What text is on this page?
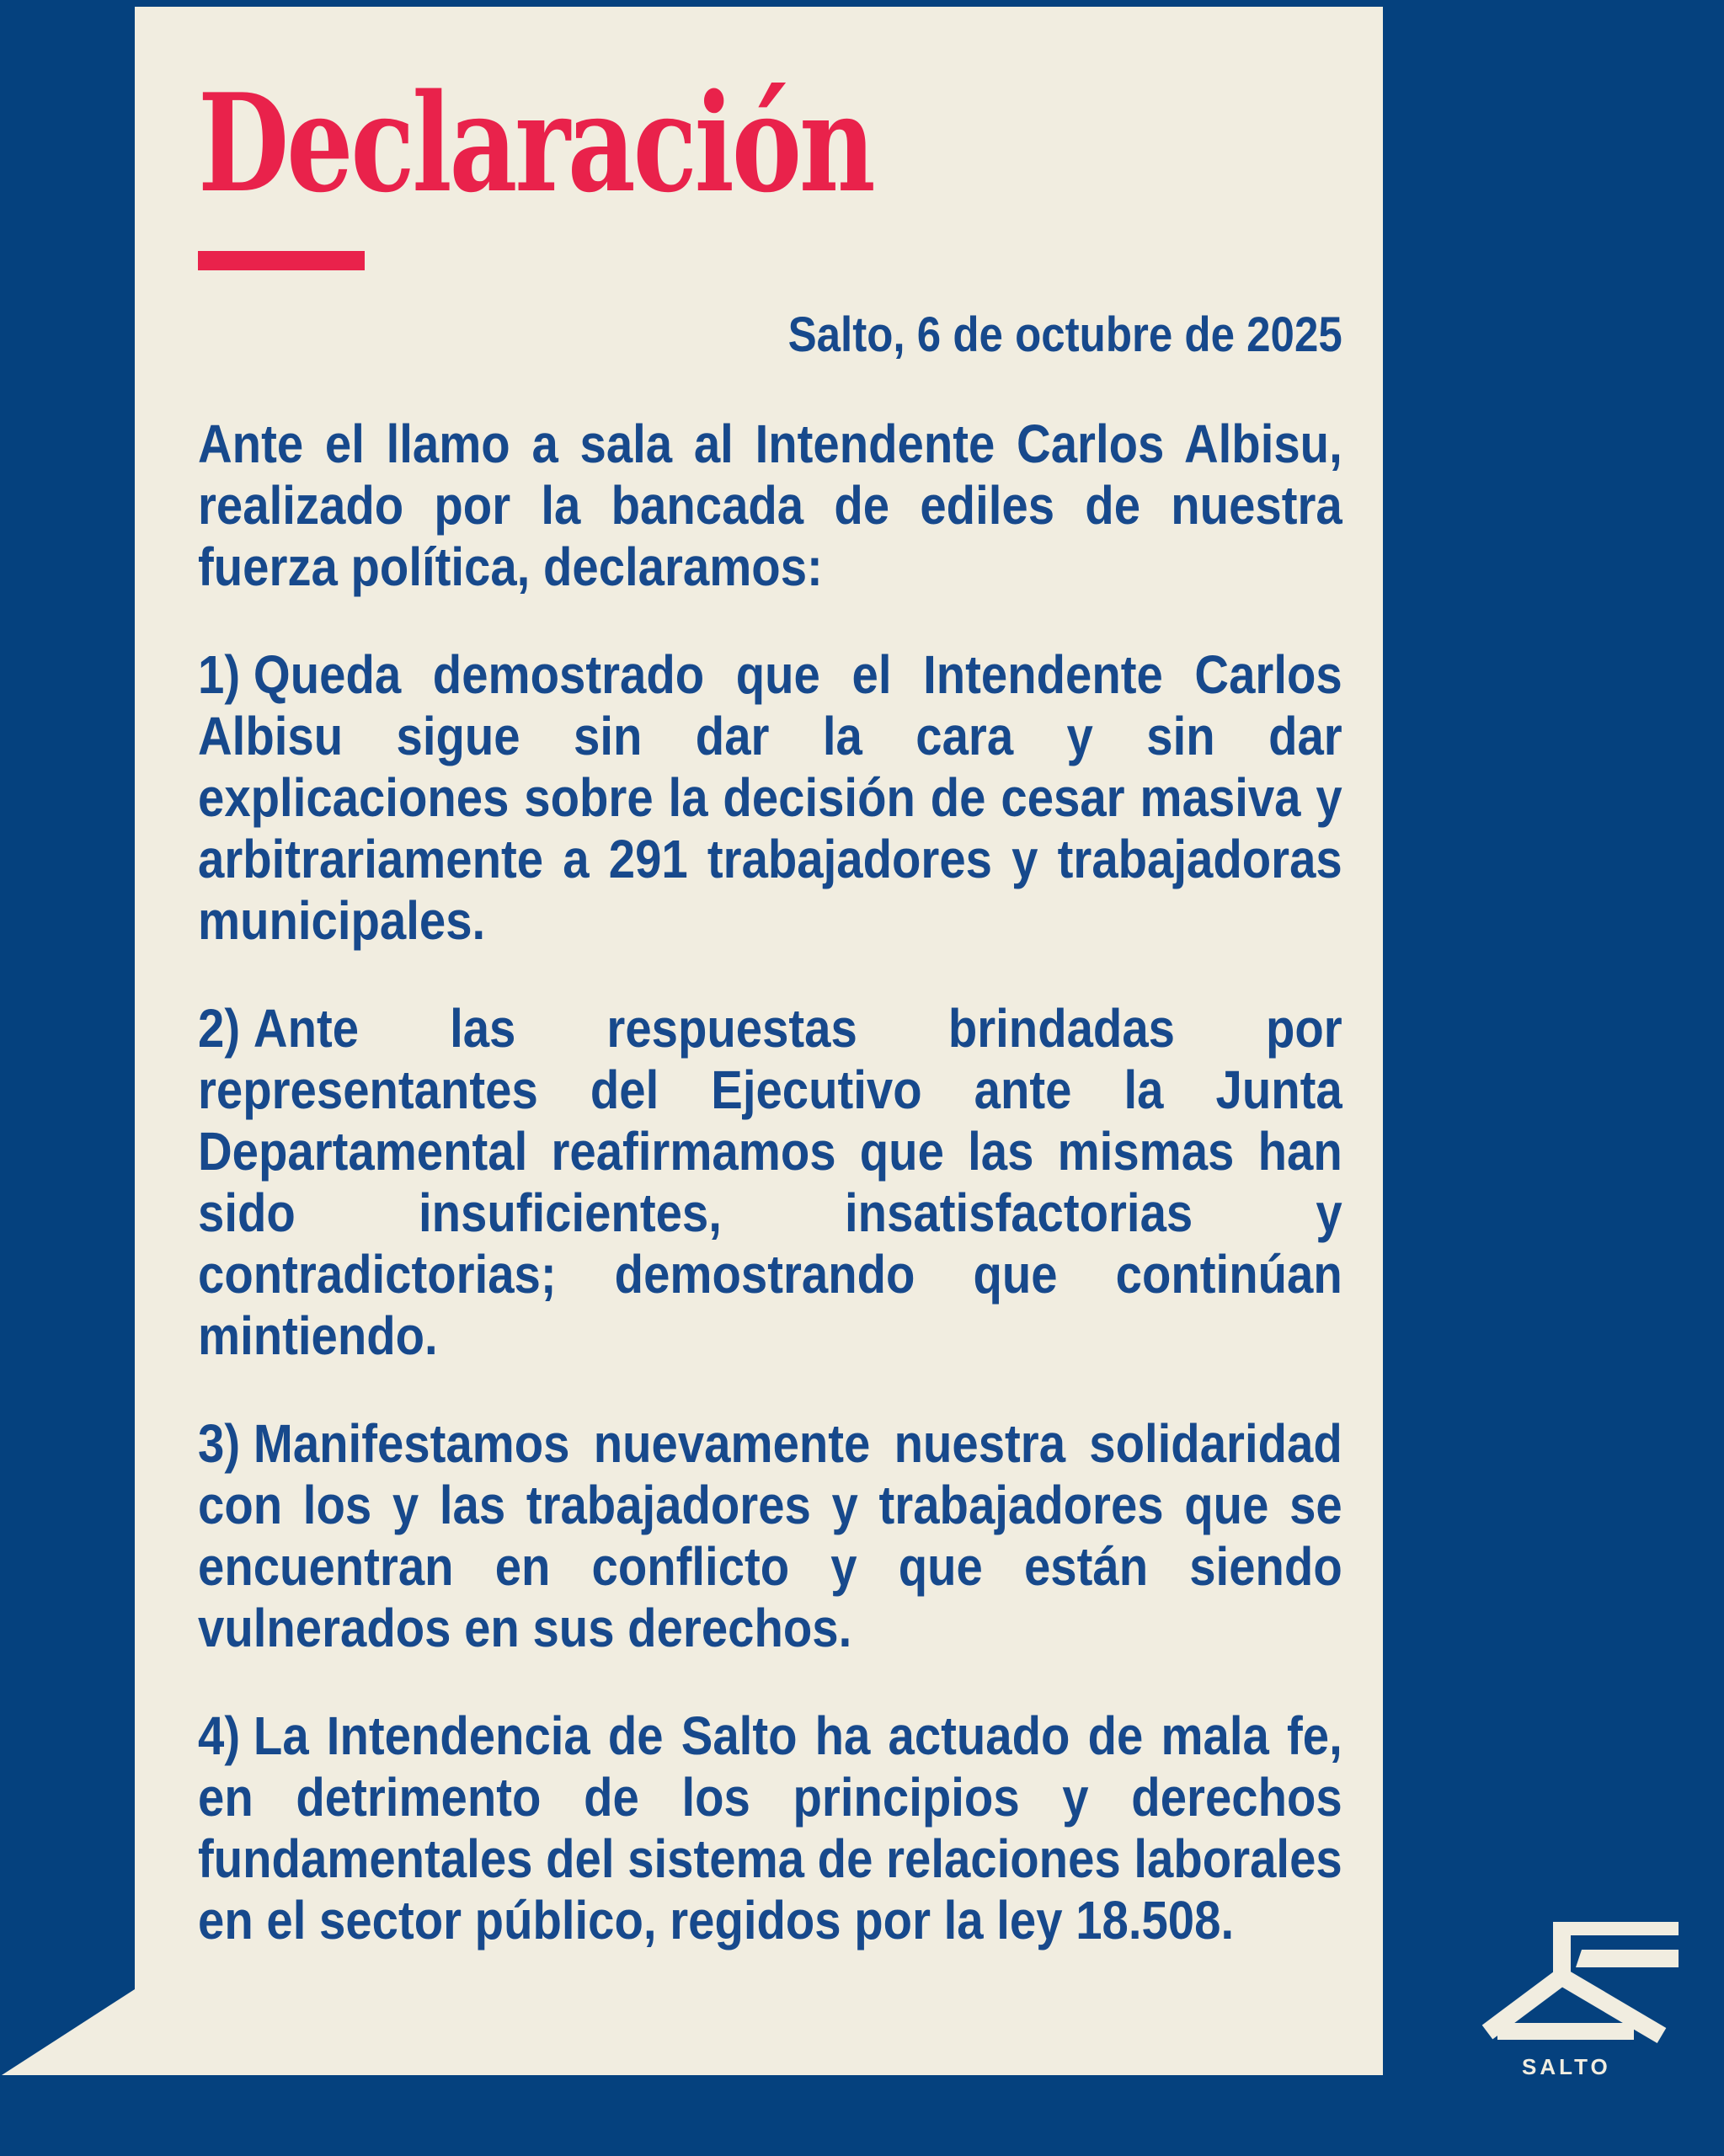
Declaración
Salto, 6 de octubre de 2025

Ante el llamo a sala al Intendente Carlos Albisu, realizado por la bancada de ediles de nuestra fuerza política, declaramos:

1) Queda demostrado que el Intendente Carlos Albisu sigue sin dar la cara y sin dar explicaciones sobre la decisión de cesar masiva y arbitrariamente a 291 trabajadores y trabajadoras municipales.

2) Ante las respuestas brindadas por representantes del Ejecutivo ante la Junta Departamental reafirmamos que las mismas han sido insuficientes, insatisfactorias y contradictorias; demostrando que continúan mintiendo.

3) Manifestamos nuevamente nuestra solidaridad con los y las trabajadores y trabajadores que se encuentran en conflicto y que están siendo vulnerados en sus derechos.

4) La Intendencia de Salto ha actuado de mala fe, en detrimento de los principios y derechos fundamentales del sistema de relaciones laborales en el sector público, regidos por la ley 18.508.

SALTO
